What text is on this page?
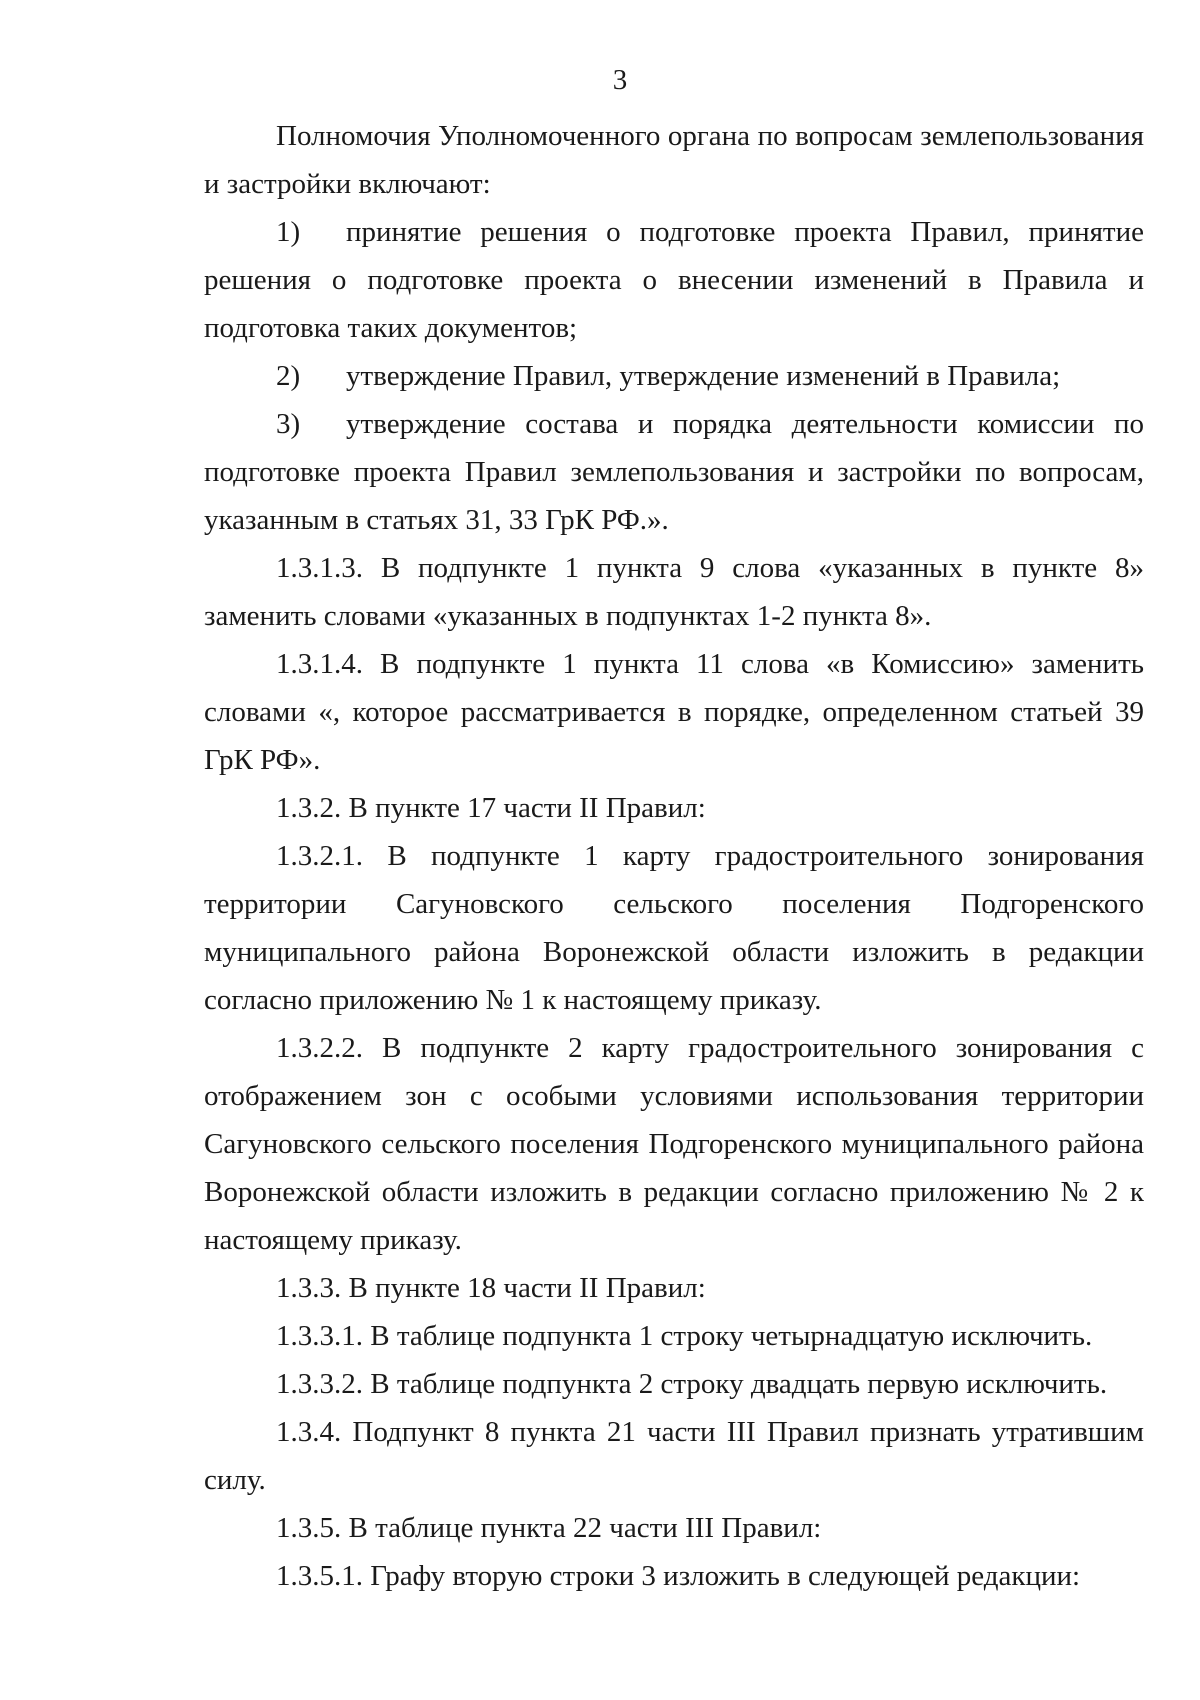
3

Полномочия Уполномоченного органа по вопросам землепользования и застройки включают:

1) принятие решения о подготовке проекта Правил, принятие решения о подготовке проекта о внесении изменений в Правила и подготовка таких документов;

2) утверждение Правил, утверждение изменений в Правила;

3) утверждение состава и порядка деятельности комиссии по подготовке проекта Правил землепользования и застройки по вопросам, указанным в статьях 31, 33 ГрК РФ.».

1.3.1.3. В подпункте 1 пункта 9 слова «указанных в пункте 8» заменить словами «указанных в подпунктах 1-2 пункта 8».

1.3.1.4. В подпункте 1 пункта 11 слова «в Комиссию» заменить словами «, которое рассматривается в порядке, определенном статьей 39 ГрК РФ».

1.3.2. В пункте 17 части II Правил:

1.3.2.1. В подпункте 1 карту градостроительного зонирования территории Сагуновского сельского поселения Подгоренского муниципального района Воронежской области изложить в редакции согласно приложению № 1 к настоящему приказу.

1.3.2.2. В подпункте 2 карту градостроительного зонирования с отображением зон с особыми условиями использования территории Сагуновского сельского поселения Подгоренского муниципального района Воронежской области изложить в редакции согласно приложению № 2 к настоящему приказу.

1.3.3. В пункте 18 части II Правил:

1.3.3.1. В таблице подпункта 1 строку четырнадцатую исключить.

1.3.3.2. В таблице подпункта 2 строку двадцать первую исключить.

1.3.4. Подпункт 8 пункта 21 части III Правил признать утратившим силу.

1.3.5. В таблице пункта 22 части III Правил:

1.3.5.1. Графу вторую строки 3 изложить в следующей редакции:
